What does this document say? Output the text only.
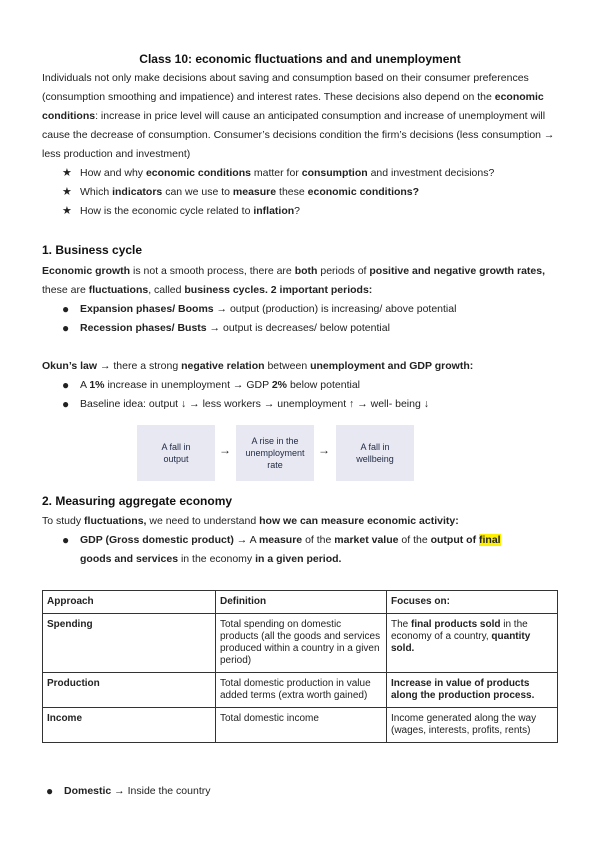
Class 10: economic fluctuations and and unemployment
Individuals not only make decisions about saving and consumption based on their consumer preferences (consumption smoothing and impatience) and interest rates. These decisions also depend on the economic conditions: increase in price level will cause an anticipated consumption and increase of unemployment will cause the decrease of consumption. Consumer’s decisions condition the firm’s decisions (less consumption → less production and investment)
★ How and why economic conditions matter for consumption and investment decisions?
★ Which indicators can we use to measure these economic conditions?
★ How is the economic cycle related to inflation?
1. Business cycle
Economic growth is not a smooth process, there are both periods of positive and negative growth rates, these are fluctuations, called business cycles. 2 important periods:
● Expansion phases/ Booms → output (production) is increasing/ above potential
● Recession phases/ Busts → output is decreases/ below potential
Okun’s law → there a strong negative relation between unemployment and GDP growth:
● A 1% increase in unemployment → GDP 2% below potential
● Baseline idea: output ↓ → less workers → unemployment ↑ → well- being ↓
A fall in output
→
A rise in the unemployment rate
→	A fall in wellbeing
2. Measuring aggregate economy
To study fluctuations, we need to understand how we can measure economic activity:
● GDP (Gross domestic product) → A measure of the market value of the output of final
goods and services in the economy in a given period.
Approach	Definition	Focuses on:
Spending	Total spending on domestic products (all the goods and services produced within a country in a given period)	The final products sold in the economy of a country, quantity sold.
Production	Total domestic production in value added terms (extra worth gained)	Increase in value of products along the production process.
Income	Total domestic income	Income generated along the way (wages, interests, profits, rents)
● Domestic → Inside the country
